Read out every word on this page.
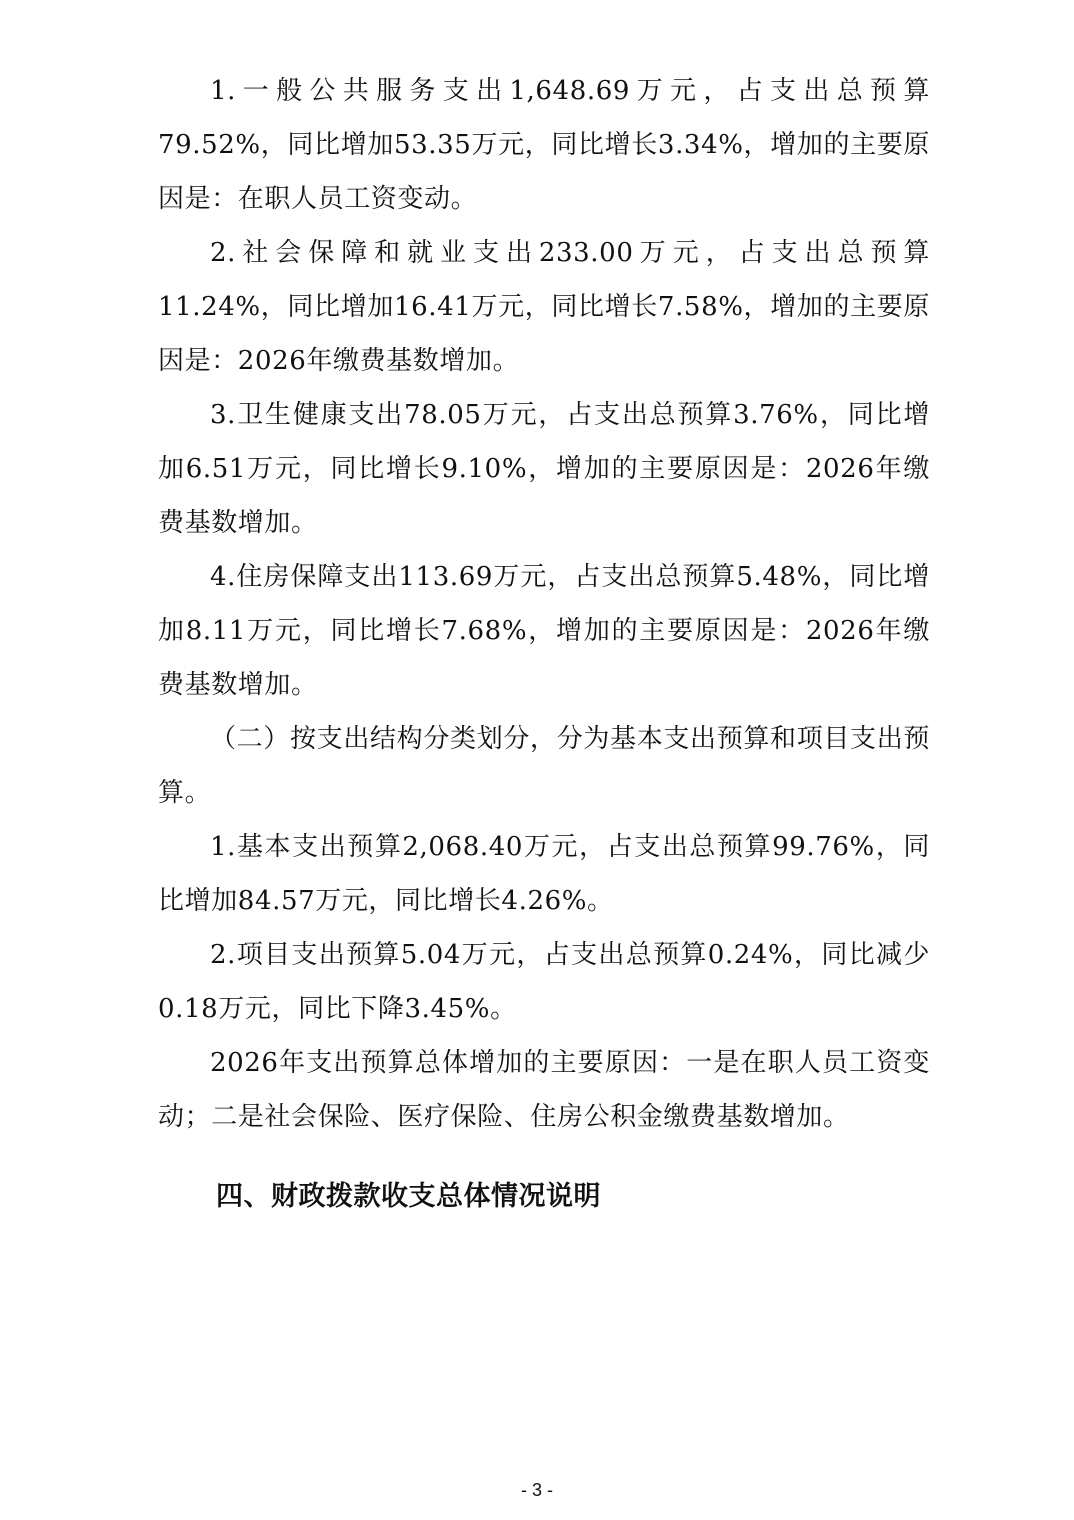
1.一般公共服务支出1,648.69万元，占支出总预算79.52%，同比增加53.35万元，同比增长3.34%，增加的主要原因是：在职人员工资变动。

2.社会保障和就业支出233.00万元，占支出总预算11.24%，同比增加16.41万元，同比增长7.58%，增加的主要原因是：2026年缴费基数增加。

3.卫生健康支出78.05万元，占支出总预算3.76%，同比增加6.51万元，同比增长9.10%，增加的主要原因是：2026年缴费基数增加。

4.住房保障支出113.69万元，占支出总预算5.48%，同比增加8.11万元，同比增长7.68%，增加的主要原因是：2026年缴费基数增加。

（二）按支出结构分类划分，分为基本支出预算和项目支出预算。

1.基本支出预算2,068.40万元，占支出总预算99.76%，同比增加84.57万元，同比增长4.26%。

2.项目支出预算5.04万元，占支出总预算0.24%，同比减少0.18万元，同比下降3.45%。

2026年支出预算总体增加的主要原因：一是在职人员工资变动；二是社会保险、医疗保险、住房公积金缴费基数增加。

四、财政拨款收支总体情况说明
- 3 -
